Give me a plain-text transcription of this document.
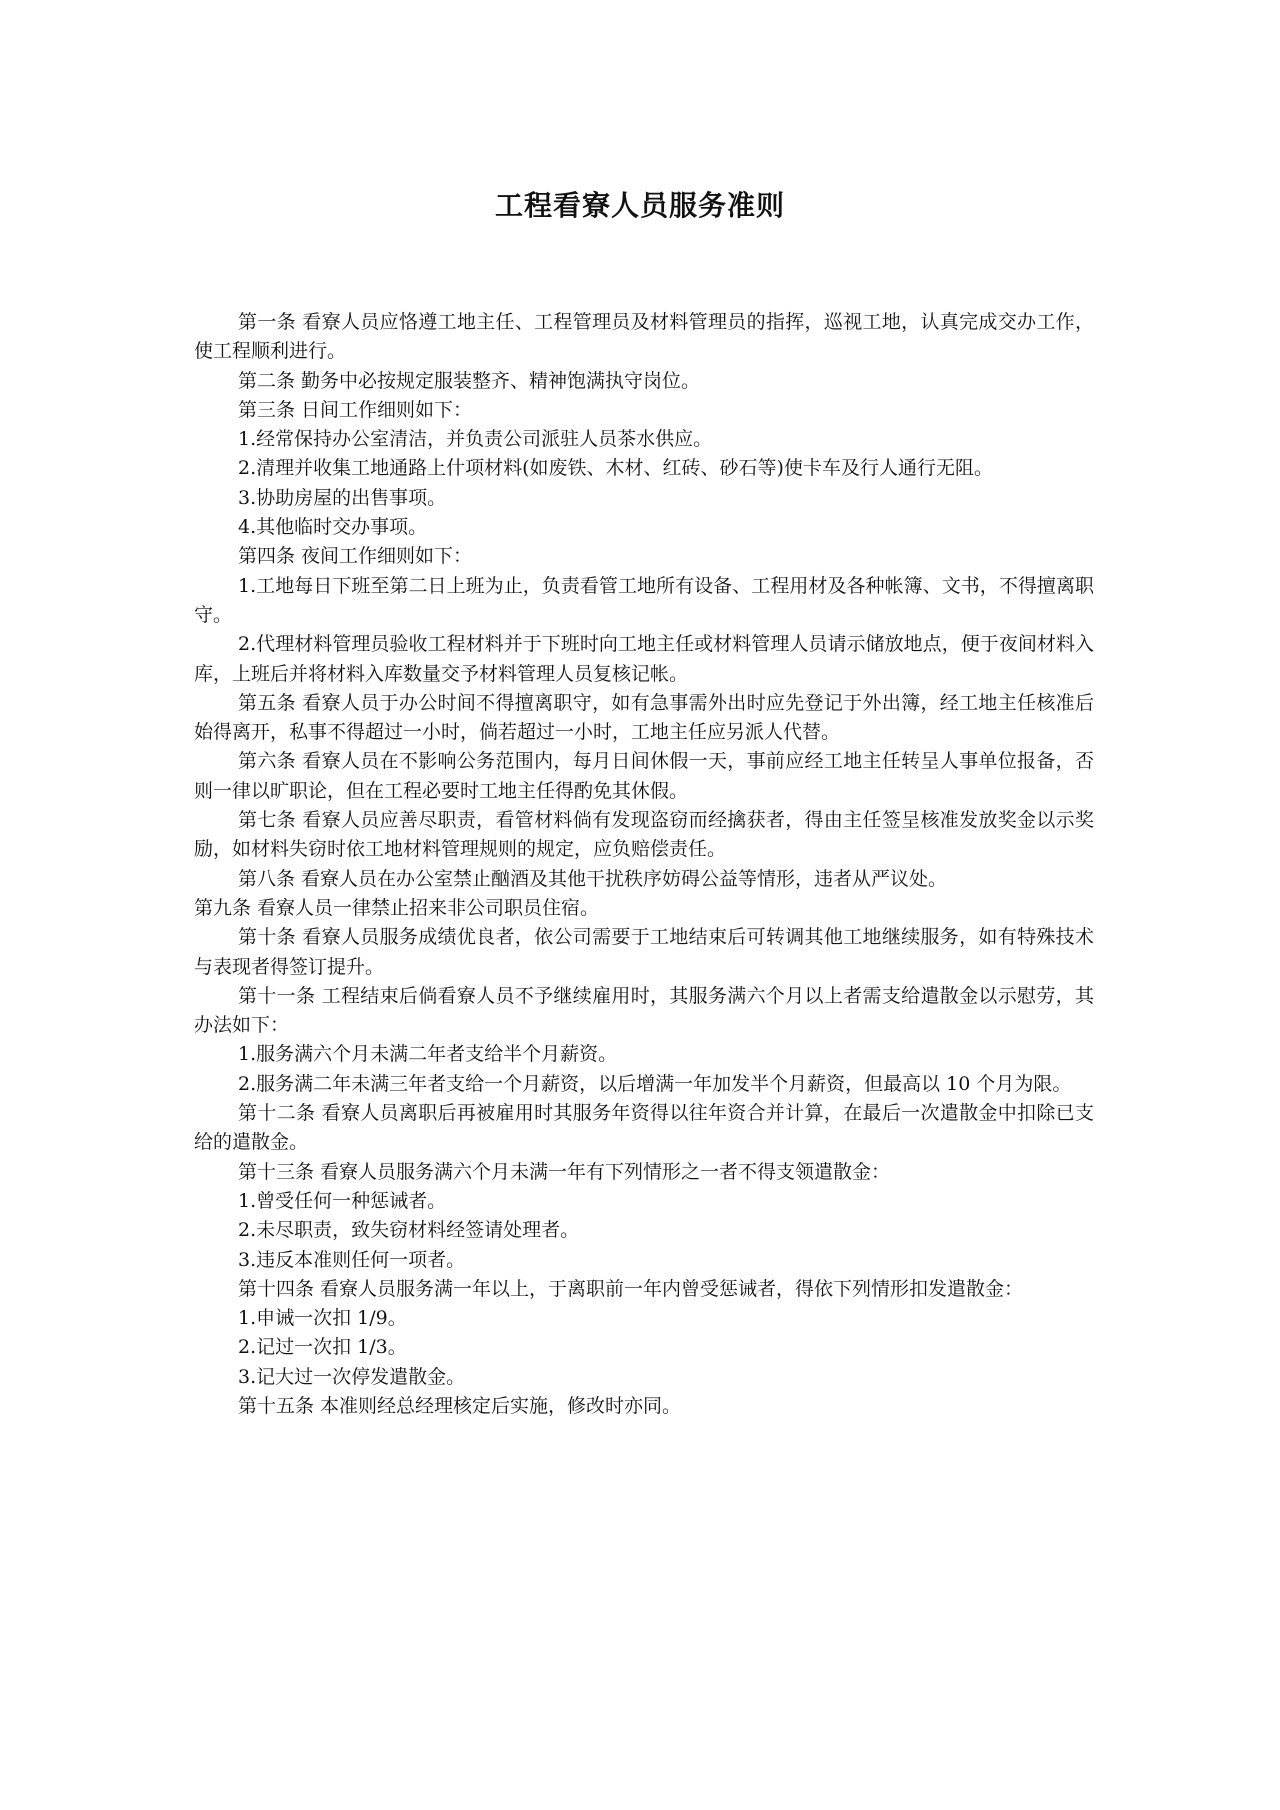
工程看寮人员服务准则

第一条 看寮人员应恪遵工地主任、工程管理员及材料管理员的指挥，巡视工地，认真完成交办工作，使工程顺利进行。

第二条 勤务中必按规定服装整齐、精神饱满执守岗位。

第三条 日间工作细则如下：

1.经常保持办公室清洁，并负责公司派驻人员茶水供应。

2.清理并收集工地通路上什项材料(如废铁、木材、红砖、砂石等)使卡车及行人通行无阻。

3.协助房屋的出售事项。

4.其他临时交办事项。

第四条 夜间工作细则如下：

1.工地每日下班至第二日上班为止，负责看管工地所有设备、工程用材及各种帐簿、文书，不得擅离职守。

2.代理材料管理员验收工程材料并于下班时向工地主任或材料管理人员请示储放地点，便于夜间材料入库，上班后并将材料入库数量交予材料管理人员复核记帐。

第五条 看寮人员于办公时间不得擅离职守，如有急事需外出时应先登记于外出簿，经工地主任核准后始得离开，私事不得超过一小时，倘若超过一小时，工地主任应另派人代替。

第六条 看寮人员在不影响公务范围内，每月日间休假一天，事前应经工地主任转呈人事单位报备，否则一律以旷职论，但在工程必要时工地主任得酌免其休假。

第七条 看寮人员应善尽职责，看管材料倘有发现盗窃而经擒获者，得由主任签呈核准发放奖金以示奖励，如材料失窃时依工地材料管理规则的规定，应负赔偿责任。

第八条 看寮人员在办公室禁止酗酒及其他干扰秩序妨碍公益等情形，违者从严议处。

第九条 看寮人员一律禁止招来非公司职员住宿。

第十条 看寮人员服务成绩优良者，依公司需要于工地结束后可转调其他工地继续服务，如有特殊技术与表现者得签订提升。

第十一条 工程结束后倘看寮人员不予继续雇用时，其服务满六个月以上者需支给遣散金以示慰劳，其办法如下：

1.服务满六个月未满二年者支给半个月薪资。

2.服务满二年未满三年者支给一个月薪资，以后增满一年加发半个月薪资，但最高以 10 个月为限。

第十二条 看寮人员离职后再被雇用时其服务年资得以往年资合并计算，在最后一次遣散金中扣除已支给的遣散金。

第十三条 看寮人员服务满六个月未满一年有下列情形之一者不得支领遣散金：

1.曾受任何一种惩诫者。

2.未尽职责，致失窃材料经签请处理者。

3.违反本准则任何一项者。

第十四条 看寮人员服务满一年以上，于离职前一年内曾受惩诫者，得依下列情形扣发遣散金：

1.申诫一次扣 1/9。

2.记过一次扣 1/3。

3.记大过一次停发遣散金。

第十五条 本准则经总经理核定后实施，修改时亦同。
